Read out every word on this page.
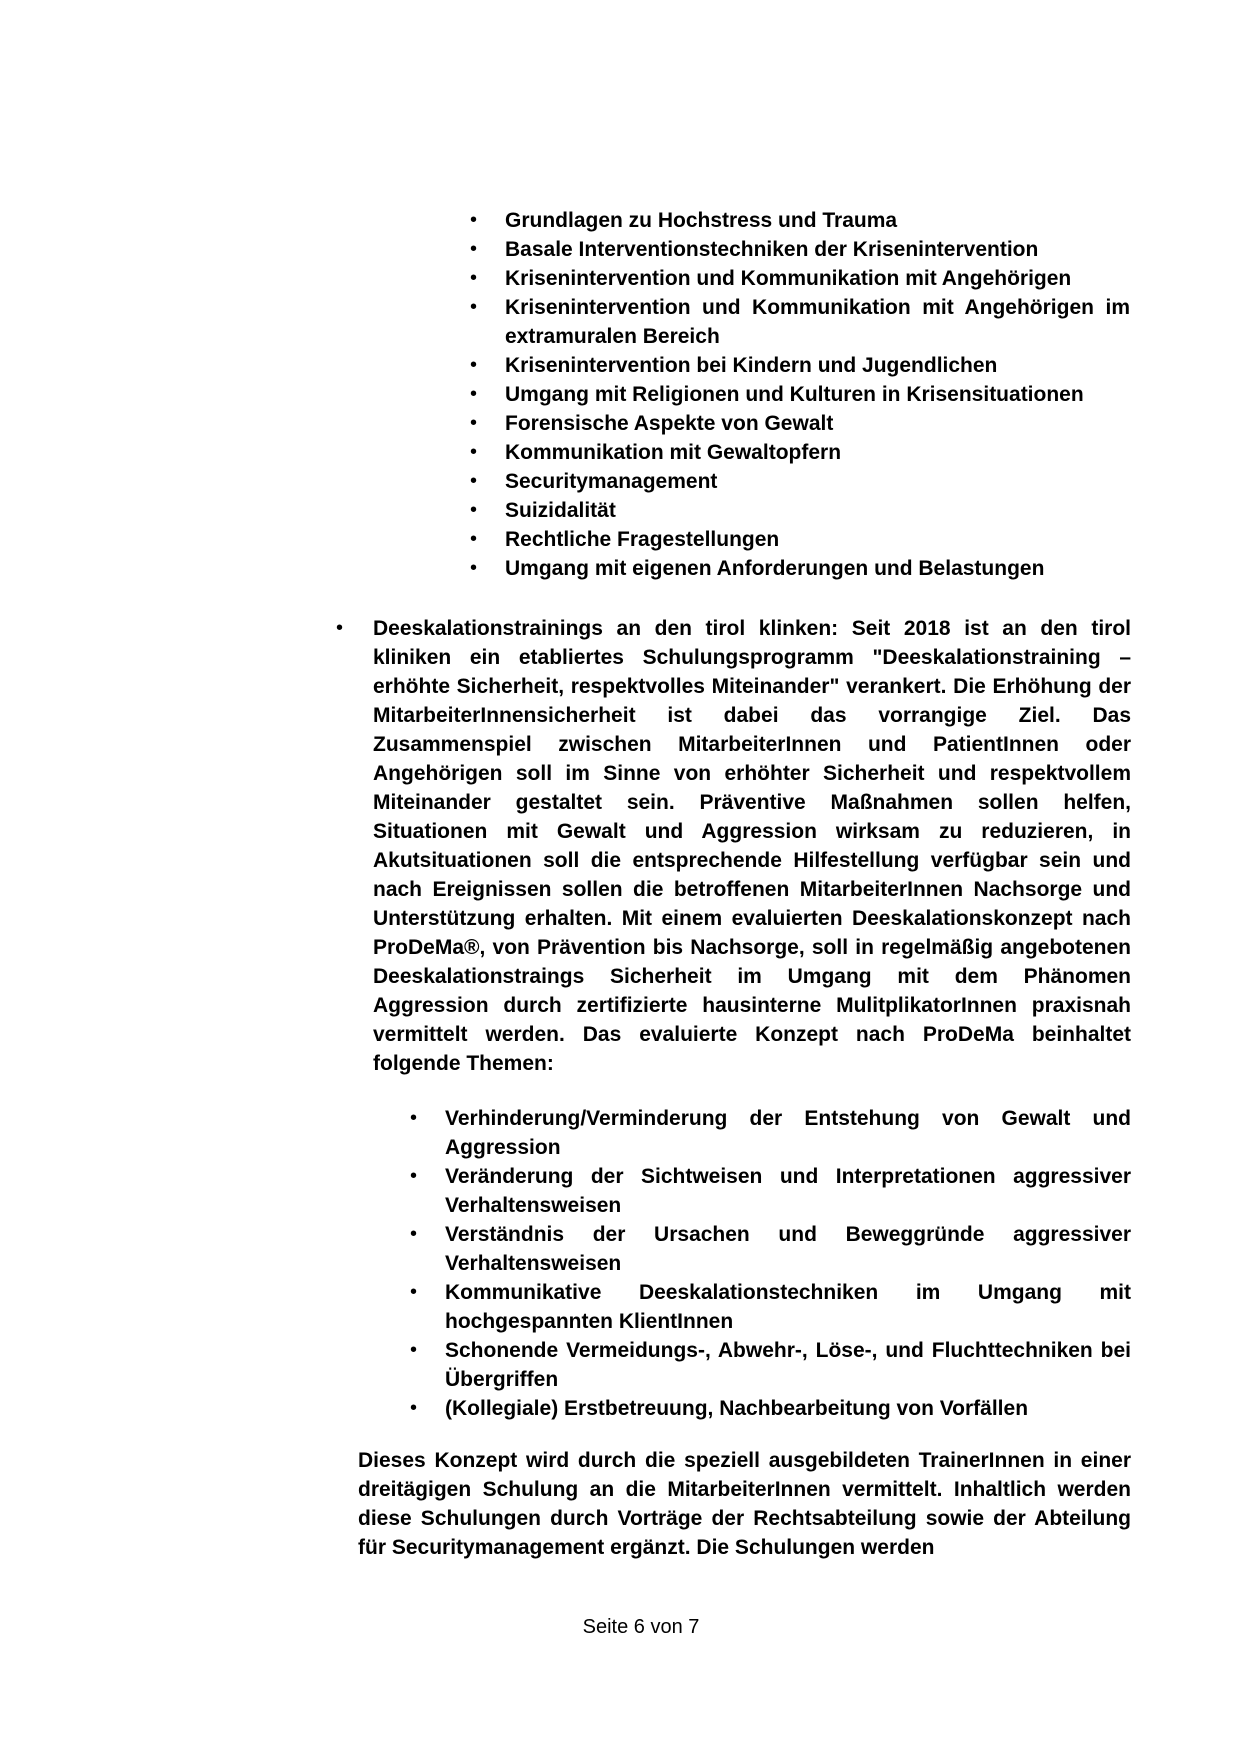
• Grundlagen zu Hochstress und Trauma
• Basale Interventionstechniken der Krisenintervention
• Krisenintervention und Kommunikation mit Angehörigen
• Krisenintervention und Kommunikation mit Angehörigen im extramuralen Bereich
• Krisenintervention bei Kindern und Jugendlichen
• Umgang mit Religionen und Kulturen in Krisensituationen
• Forensische Aspekte von Gewalt
• Kommunikation mit Gewaltopfern
• Securitymanagement
• Suizidalität
• Rechtliche Fragestellungen
• Umgang mit eigenen Anforderungen und Belastungen
• Deeskalationstrainings an den tirol klinken: Seit 2018 ist an den tirol kliniken ein etabliertes Schulungsprogramm "Deeskalationstraining – erhöhte Sicherheit, respektvolles Miteinander" verankert. Die Erhöhung der MitarbeiterInnensicherheit ist dabei das vorrangige Ziel. Das Zusammenspiel zwischen MitarbeiterInnen und PatientInnen oder Angehörigen soll im Sinne von erhöhter Sicherheit und respektvollem Miteinander gestaltet sein. Präventive Maßnahmen sollen helfen, Situationen mit Gewalt und Aggression wirksam zu reduzieren, in Akutsituationen soll die entsprechende Hilfestellung verfügbar sein und nach Ereignissen sollen die betroffenen MitarbeiterInnen Nachsorge und Unterstützung erhalten. Mit einem evaluierten Deeskalationskonzept nach ProDeMa®, von Prävention bis Nachsorge, soll in regelmäßig angebotenen Deeskalationstraings Sicherheit im Umgang mit dem Phänomen Aggression durch zertifizierte hausinterne MulitplikatorInnen praxisnah vermittelt werden. Das evaluierte Konzept nach ProDeMa beinhaltet folgende Themen:

• Verhinderung/Verminderung der Entstehung von Gewalt und Aggression
• Veränderung der Sichtweisen und Interpretationen aggressiver Verhaltensweisen
• Verständnis der Ursachen und Beweggründe aggressiver Verhaltensweisen
• Kommunikative Deeskalationstechniken im Umgang mit hochgespannten KlientInnen
• Schonende Vermeidungs-, Abwehr-, Löse-, und Fluchttechniken bei Übergriffen
• (Kollegiale) Erstbetreuung, Nachbearbeitung von Vorfällen

Dieses Konzept wird durch die speziell ausgebildeten TrainerInnen in einer dreitägigen Schulung an die MitarbeiterInnen vermittelt. Inhaltlich werden diese Schulungen durch Vorträge der Rechtsabteilung sowie der Abteilung für Securitymanagement ergänzt. Die Schulungen werden

Seite 6 von 7
